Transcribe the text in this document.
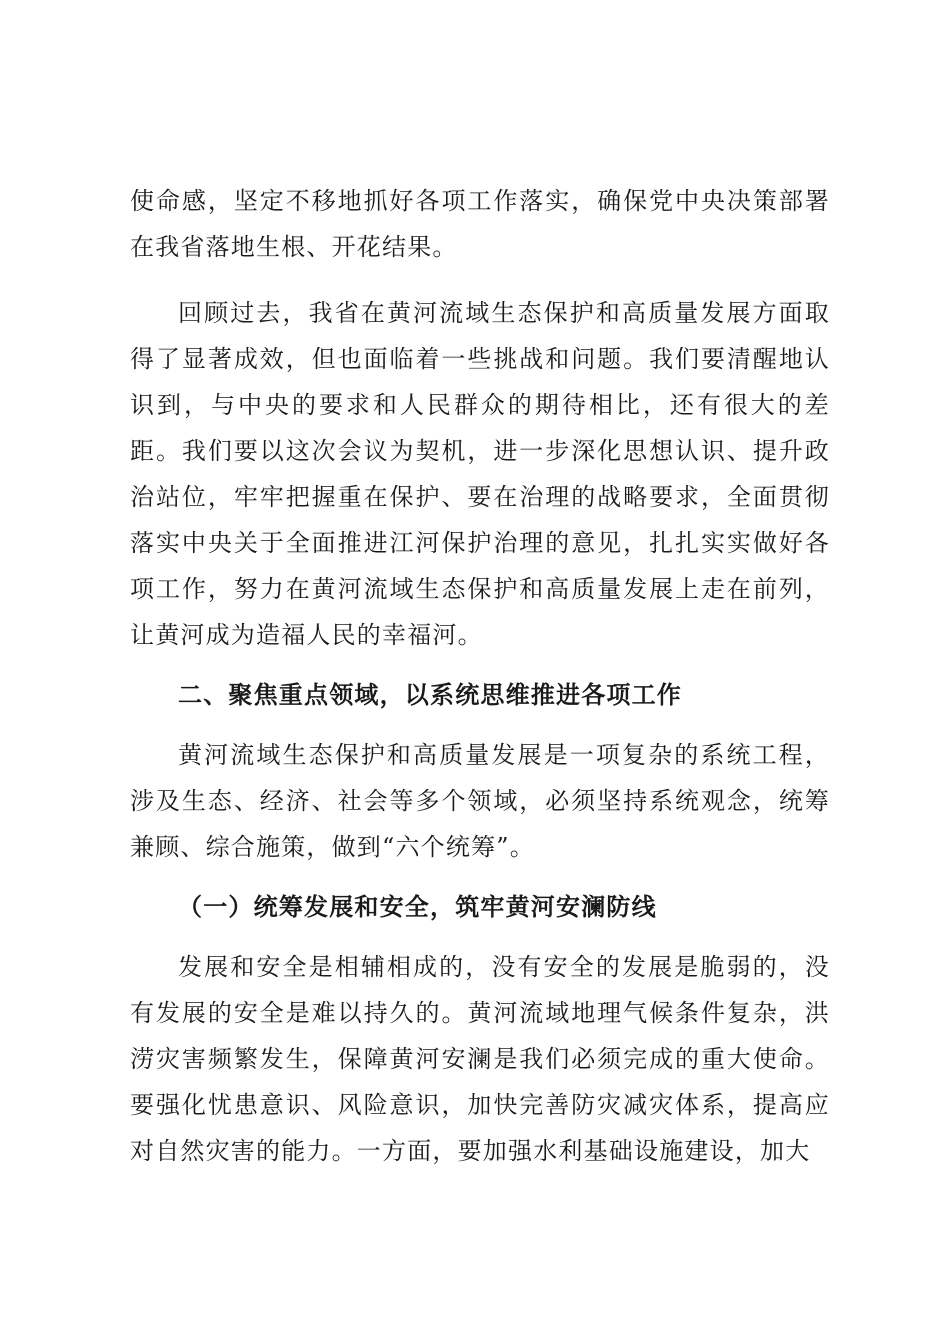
使命感，坚定不移地抓好各项工作落实，确保党中央决策部署在我省落地生根、开花结果。

回顾过去，我省在黄河流域生态保护和高质量发展方面取得了显著成效，但也面临着一些挑战和问题。我们要清醒地认识到，与中央的要求和人民群众的期待相比，还有很大的差距。我们要以这次会议为契机，进一步深化思想认识、提升政治站位，牢牢把握重在保护、要在治理的战略要求，全面贯彻落实中央关于全面推进江河保护治理的意见，扎扎实实做好各项工作，努力在黄河流域生态保护和高质量发展上走在前列，让黄河成为造福人民的幸福河。

二、聚焦重点领域，以系统思维推进各项工作

黄河流域生态保护和高质量发展是一项复杂的系统工程，涉及生态、经济、社会等多个领域，必须坚持系统观念，统筹兼顾、综合施策，做到“六个统筹”。

（一）统筹发展和安全，筑牢黄河安澜防线

发展和安全是相辅相成的，没有安全的发展是脆弱的，没有发展的安全是难以持久的。黄河流域地理气候条件复杂，洪涝灾害频繁发生，保障黄河安澜是我们必须完成的重大使命。要强化忧患意识、风险意识，加快完善防灾减灾体系，提高应对自然灾害的能力。一方面，要加强水利基础设施建设，加大
